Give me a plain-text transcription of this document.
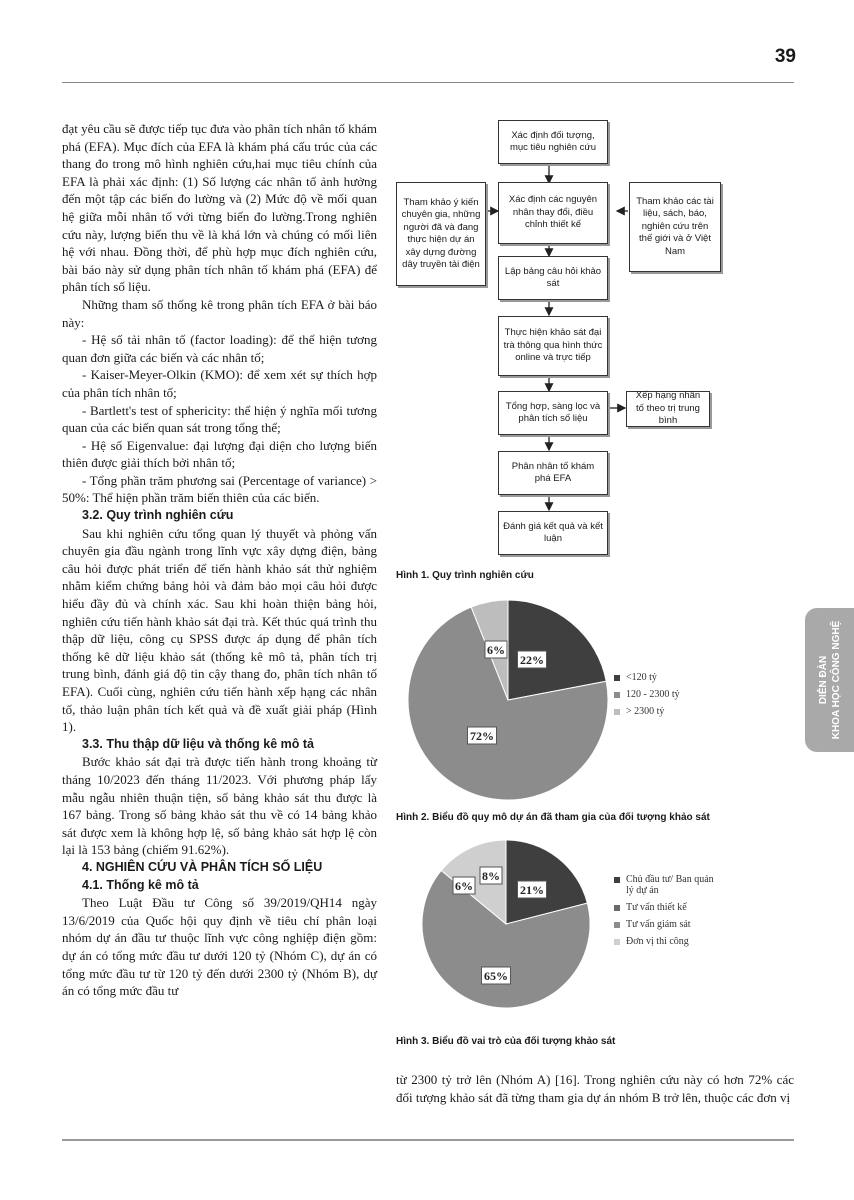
39
DIỄN ĐÀN KHOA HỌC CÔNG NGHỆ

đạt yêu cầu sẽ được tiếp tục đưa vào phân tích nhân tố khám phá (EFA). Mục đích của EFA là khám phá cấu trúc của các thang đo trong mô hình nghiên cứu,hai mục tiêu chính của EFA là phải xác định: (1) Số lượng các nhân tố ảnh hưởng đến một tập các biến đo lường và (2) Mức độ về mối quan hệ giữa mỗi nhân tố với từng biến đo lường.Trong nghiên cứu này, lượng biến thu về là khá lớn và chúng có mối liên hệ với nhau. Đồng thời, để phù hợp mục đích nghiên cứu, bài báo này sử dụng phân tích nhân tố khám phá (EFA) để phân tích số liệu.

Những tham số thống kê trong phân tích EFA ở bài báo này:

- Hệ số tải nhân tố (factor loading): để thể hiện tương quan đơn giữa các biến và các nhân tố;

- Kaiser-Meyer-Olkin (KMO): để xem xét sự thích hợp của phân tích nhân tố;

- Bartlett's test of sphericity: thể hiện ý nghĩa mối tương quan của các biến quan sát trong tổng thể;

- Hệ số Eigenvalue: đại lượng đại diện cho lượng biến thiên được giải thích bởi nhân tố;

- Tổng phần trăm phương sai (Percentage of variance) > 50%: Thể hiện phần trăm biến thiên của các biến.

3.2. Quy trình nghiên cứu

Sau khi nghiên cứu tổng quan lý thuyết và phỏng vấn chuyên gia đầu ngành trong lĩnh vực xây dựng điện, bảng câu hỏi được phát triển để tiến hành khảo sát thử nghiệm nhằm kiểm chứng bảng hỏi và đảm bảo mọi câu hỏi được hiểu đầy đủ và chính xác. Sau khi hoàn thiện bảng hỏi, nghiên cứu tiến hành khảo sát đại trà. Kết thúc quá trình thu thập dữ liệu, công cụ SPSS được áp dụng để phân tích thống kê dữ liệu khảo sát (thống kê mô tả, phân tích trị trung bình, đánh giá độ tin cậy thang đo, phân tích nhân tố EFA). Cuối cùng, nghiên cứu tiến hành xếp hạng các nhân tố, thảo luận phân tích kết quả và đề xuất giải pháp (Hình 1).

3.3. Thu thập dữ liệu và thống kê mô tả

Bước khảo sát đại trà được tiến hành trong khoảng từ tháng 10/2023 đến tháng 11/2023. Với phương pháp lấy mẫu ngẫu nhiên thuận tiện, số bảng khảo sát thu được là 167 bảng. Trong số bảng khảo sát thu về có 14 bảng khảo sát được xem là không hợp lệ, số bảng khảo sát hợp lệ còn lại là 153 bảng (chiếm 91.62%).

4. NGHIÊN CỨU VÀ PHÂN TÍCH SỐ LIỆU
4.1. Thống kê mô tả

Theo Luật Đầu tư Công số 39/2019/QH14 ngày 13/6/2019 của Quốc hội quy định về tiêu chí phân loại nhóm dự án đầu tư thuộc lĩnh vực công nghiệp điện gồm: dự án có tổng mức đầu tư dưới 120 tỷ (Nhóm C), dự án có tổng mức đầu tư từ 120 tỷ đến dưới 2300 tỷ (Nhóm B), dự án có tổng mức đầu tư

Xác định đối tượng, mục tiêu nghiên cứu
Xác định các nguyên nhân thay đổi, điều chỉnh thiết kế
Tham khảo ý kiến chuyên gia, những người đã và đang thực hiện dự án xây dựng đường dây truyền tải điện
Tham khảo các tài liệu, sách, báo, nghiên cứu trên thế giới và ở Việt Nam
Lập bảng câu hỏi khảo sát
Thực hiện khảo sát đại trà thông qua hình thức online và trực tiếp
Tổng hợp, sàng lọc và phân tích số liệu
Xếp hạng nhân tố theo trị trung bình
Phân nhân tố khám phá EFA
Đánh giá kết quả và kết luận
Hình 1. Quy trình nghiên cứu
22%
72%
6%
<120 tỷ
120 - 2300 tỷ
> 2300 tỷ
Hình 2. Biểu đồ quy mô dự án đã tham gia của đối tượng khảo sát
21%
65%
6%
8%	Chủ đầu tư/ Ban quản lý dự án
Tư vấn thiết kế
Tư vấn giám sát
Đơn vị thi công
Hình 3. Biểu đồ vai trò của đối tượng khảo sát

từ 2300 tỷ trở lên (Nhóm A) [16]. Trong nghiên cứu này có hơn 72% các đối tượng khảo sát đã từng tham gia dự án nhóm B trở lên, thuộc các đơn vị
